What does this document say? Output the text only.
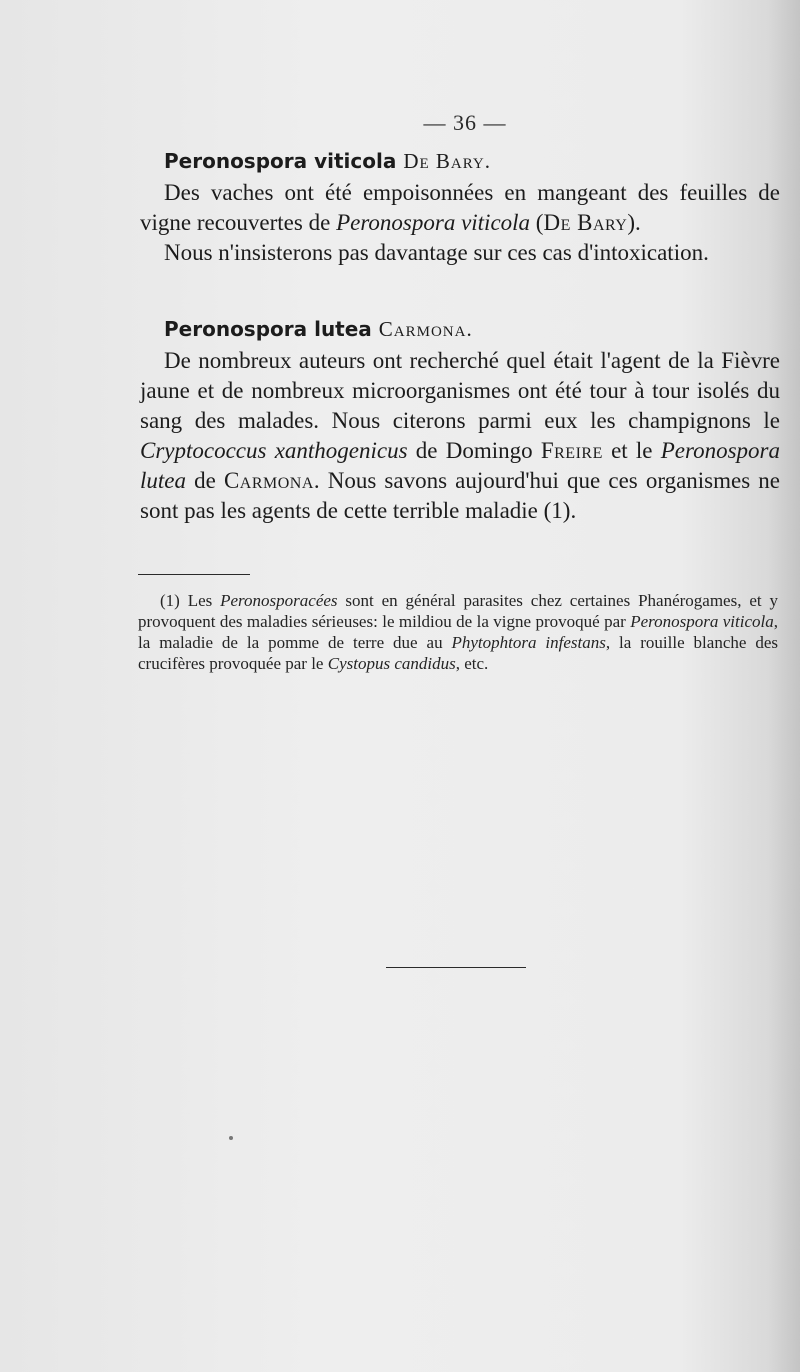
— 36 —
Peronospora viticola De Bary.

Des vaches ont été empoisonnées en mangeant des feuilles de vigne recouvertes de Peronospora viticola (De Bary).

Nous n'insisterons pas davantage sur ces cas d'intoxication.

Peronospora lutea Carmona.

De nombreux auteurs ont recherché quel était l'agent de la Fièvre jaune et de nombreux microorganismes ont été tour à tour isolés du sang des malades. Nous citerons parmi eux les champignons le Cryptococcus xanthogenicus de Domingo Freire et le Peronospora lutea de Carmona. Nous savons aujourd'hui que ces organismes ne sont pas les agents de cette terrible maladie (1).

(1) Les Peronosporacées sont en général parasites chez certaines Phanérogames, et y provoquent des maladies sérieuses: le mildiou de la vigne provoqué par Peronospora viticola, la maladie de la pomme de terre due au Phytophtora infestans, la rouille blanche des crucifères provoquée par le Cystopus candidus, etc.
